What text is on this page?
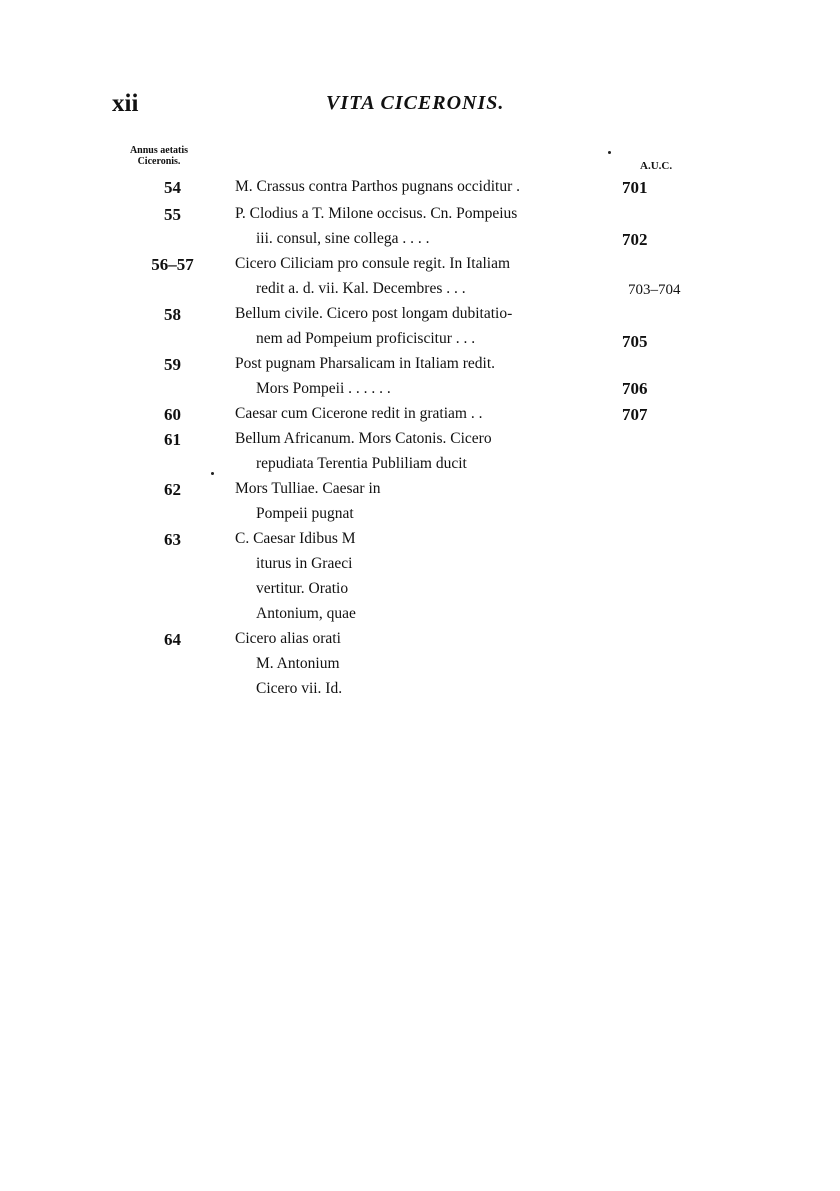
xii	VITA CICERONIS.
Annus aetatis
Ciceronis.	A.U.C.
54	M. Crassus contra Parthos pugnans occiditur .	701
55	P. Clodius a T. Milone occisus. Cn. Pompeius
iii. consul, sine collega . . . .	702
56–57	Cicero Ciliciam pro consule regit. In Italiam
redit a. d. vii. Kal. Decembres . . .	703–704
58	Bellum civile. Cicero post longam dubitatio-
nem ad Pompeium proficiscitur . . .	705
59	Post pugnam Pharsalicam in Italiam redit.
Mors Pompeii . . . . . .	706
60	Caesar cum Cicerone redit in gratiam . .	707
61	Bellum Africanum. Mors Catonis. Cicero
repudiata Terentia Publiliam ducit
62	Mors Tulliae. Caesar in
Pompeii pugnat
63	C. Caesar Idibus M
iturus in Graeci
vertitur. Oratio
Antonium, quae
64	Cicero alias orati
M. Antonium
Cicero vii. Id.
